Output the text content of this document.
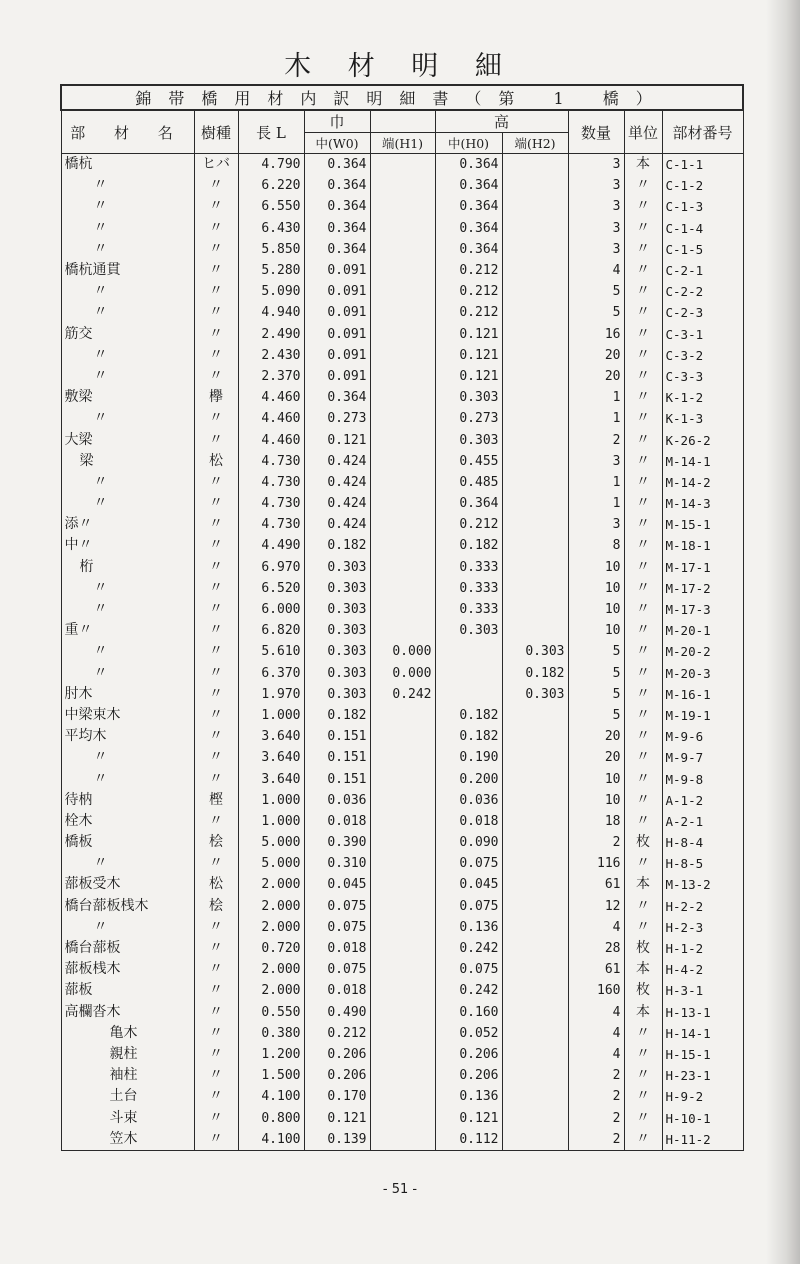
木 材 明 細
錦帯橋用材内訳明細書（第 1 橋）									
部 材 名	樹種	長 L	巾		高		数量	単位	部材番号
			中(W0)	端(H1)	中(H0)	端(H2)			
橋杭	ヒバ	4.790	0.364		0.364		3	本	C-1-1
〃	〃	6.220	0.364		0.364		3	〃	C-1-2
〃	〃	6.550	0.364		0.364		3	〃	C-1-3
〃	〃	6.430	0.364		0.364		3	〃	C-1-4
〃	〃	5.850	0.364		0.364		3	〃	C-1-5
橋杭通貫	〃	5.280	0.091		0.212		4	〃	C-2-1
〃	〃	5.090	0.091		0.212		5	〃	C-2-2
〃	〃	4.940	0.091		0.212		5	〃	C-2-3
筋交	〃	2.490	0.091		0.121		16	〃	C-3-1
〃	〃	2.430	0.091		0.121		20	〃	C-3-2
〃	〃	2.370	0.091		0.121		20	〃	C-3-3
敷梁	欅	4.460	0.364		0.303		1	〃	K-1-2
〃	〃	4.460	0.273		0.273		1	〃	K-1-3
大梁	〃	4.460	0.121		0.303		2	〃	K-26-2
梁	松	4.730	0.424		0.455		3	〃	M-14-1
〃	〃	4.730	0.424		0.485		1	〃	M-14-2
〃	〃	4.730	0.424		0.364		1	〃	M-14-3
添〃	〃	4.730	0.424		0.212		3	〃	M-15-1
中〃	〃	4.490	0.182		0.182		8	〃	M-18-1
桁	〃	6.970	0.303		0.333		10	〃	M-17-1
〃	〃	6.520	0.303		0.333		10	〃	M-17-2
〃	〃	6.000	0.303		0.333		10	〃	M-17-3
重〃	〃	6.820	0.303		0.303		10	〃	M-20-1
〃	〃	5.610	0.303	0.000		0.303	5	〃	M-20-2
〃	〃	6.370	0.303	0.000		0.182	5	〃	M-20-3
肘木	〃	1.970	0.303	0.242		0.303	5	〃	M-16-1
中梁束木	〃	1.000	0.182		0.182		5	〃	M-19-1
平均木	〃	3.640	0.151		0.182		20	〃	M-9-6
〃	〃	3.640	0.151		0.190		20	〃	M-9-7
〃	〃	3.640	0.151		0.200		10	〃	M-9-8
待枘	樫	1.000	0.036		0.036		10	〃	A-1-2
栓木	〃	1.000	0.018		0.018		18	〃	A-2-1
橋板	桧	5.000	0.390		0.090		2	枚	H-8-4
〃	〃	5.000	0.310		0.075		116	〃	H-8-5
蔀板受木	松	2.000	0.045		0.045		61	本	M-13-2
橋台蔀板桟木	桧	2.000	0.075		0.075		12	〃	H-2-2
〃	〃	2.000	0.075		0.136		4	〃	H-2-3
橋台蔀板	〃	0.720	0.018		0.242		28	枚	H-1-2
蔀板桟木	〃	2.000	0.075		0.075		61	本	H-4-2
蔀板	〃	2.000	0.018		0.242		160	枚	H-3-1
高欄沓木	〃	0.550	0.490		0.160		4	本	H-13-1
亀木	〃	0.380	0.212		0.052		4	〃	H-14-1
親柱	〃	1.200	0.206		0.206		4	〃	H-15-1
袖柱	〃	1.500	0.206		0.206		2	〃	H-23-1
土台	〃	4.100	0.170		0.136		2	〃	H-9-2
斗束	〃	0.800	0.121		0.121		2	〃	H-10-1
笠木	〃	4.100	0.139		0.112		2	〃	H-11-2
- 51 -
